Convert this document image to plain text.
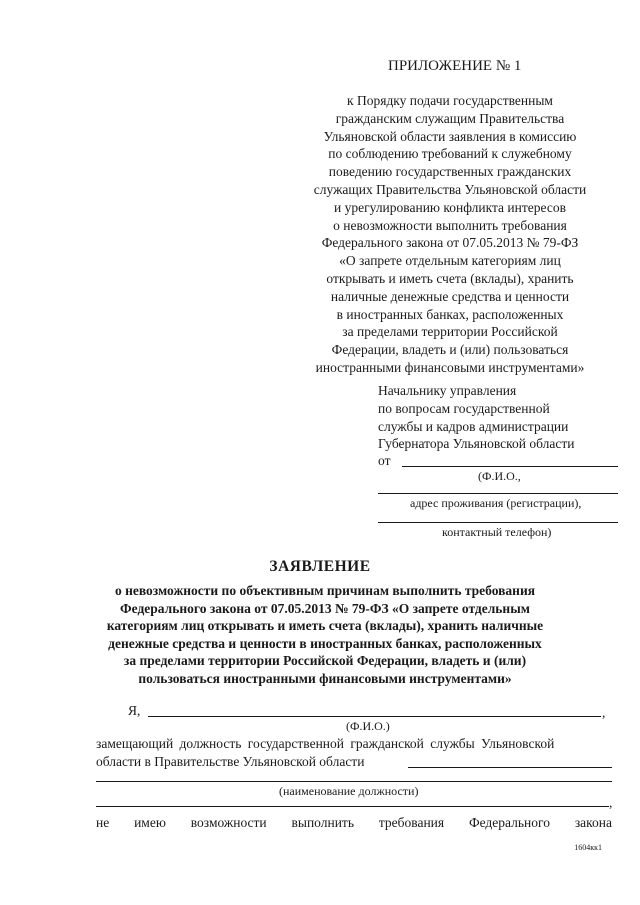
ПРИЛОЖЕНИЕ № 1
к Порядку подачи государственным
гражданским служащим Правительства
Ульяновской области заявления в комиссию
по соблюдению требований к служебному
поведению государственных гражданских
служащих Правительства Ульяновской области
и урегулированию конфликта интересов
о невозможности выполнить требования
Федерального закона от 07.05.2013 № 79-ФЗ
«О запрете отдельным категориям лиц
открывать и иметь счета (вклады), хранить
наличные денежные средства и ценности
в иностранных банках, расположенных
за пределами территории Российской
Федерации, владеть и (или) пользоваться
иностранными финансовыми инструментами»
Начальнику управления
по вопросам государственной
службы и кадров администрации
Губернатора Ульяновской области
от
(Ф.И.О.,
адрес проживания (регистрации),
контактный телефон)
ЗАЯВЛЕНИЕ
о невозможности по объективным причинам выполнить требования
Федерального закона от 07.05.2013 № 79-ФЗ «О запрете отдельным
категориям лиц открывать и иметь счета (вклады), хранить наличные
денежные средства и ценности в иностранных банках, расположенных
за пределами территории Российской Федерации, владеть и (или)
пользоваться иностранными финансовыми инструментами»
Я,	,
(Ф.И.О.)
замещающий должность государственной гражданской службы Ульяновской
области в Правительстве Ульяновской области
(наименование должности)
,
не имею возможности выполнить требования Федерального закона
1604кк1
